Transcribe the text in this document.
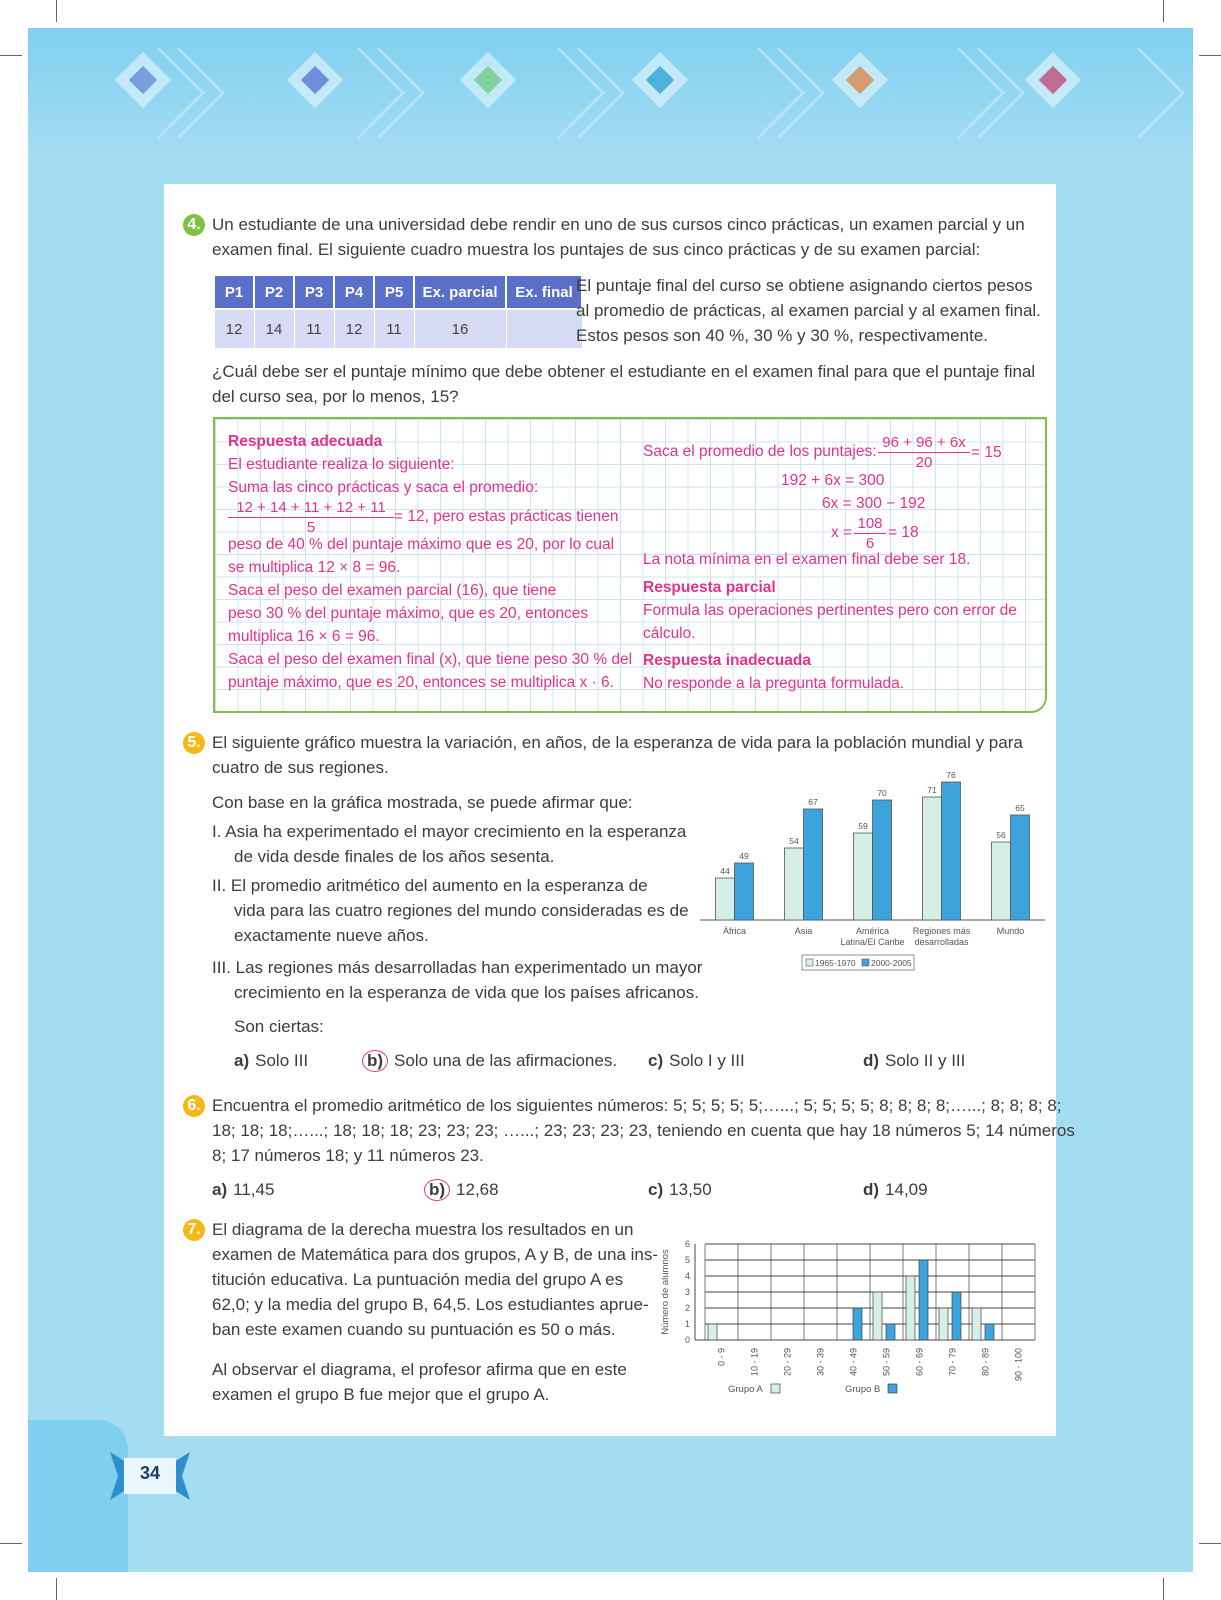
4. Un estudiante de una universidad debe rendir en uno de sus cursos cinco prácticas, un examen parcial y un
examen final. El siguiente cuadro muestra los puntajes de sus cinco prácticas y de su examen parcial:
P1	P2	P3	P4	P5	Ex. parcial	Ex. final
12	14	11	12	11	16	
El puntaje final del curso se obtiene asignando ciertos pesos
al promedio de prácticas, al examen parcial y al examen final.
Estos pesos son 40 %, 30 % y 30 %, respectivamente.
¿Cuál debe ser el puntaje mínimo que debe obtener el estudiante en el examen final para que el puntaje final
del curso sea, por lo menos, 15?
Respuesta adecuada
El estudiante realiza lo siguiente:
Suma las cinco prácticas y saca el promedio:
$\frac{12 + 14 + 11 + 12 + 11}{5} = 12$, pero estas prácticas tienen
peso de 40 % del puntaje máximo que es 20, por lo cual
se multiplica 12 × 8 = 96.
Saca el peso del examen parcial (16), que tiene
peso 30 % del puntaje máximo, que es 20, entonces
multiplica 16 × 6 = 96.
Saca el peso del examen final (x), que tiene peso 30 % del
puntaje máximo, que es 20, entonces se multiplica x · 6.
Saca el promedio de los puntajes: $\frac{96 + 96 + 6x}{20} = 15$
192 + 6x = 300
6x = 300 − 192
$x = \frac{108}{6} = 18$
La nota mínima en el examen final debe ser 18.
Respuesta parcial
Formula las operaciones pertinentes pero con error de
cálculo.
Respuesta inadecuada
No responde a la pregunta formulada.
5. El siguiente gráfico muestra la variación, en años, de la esperanza de vida para la población mundial y para
cuatro de sus regiones.
Con base en la gráfica mostrada, se puede afirmar que:
I. Asia ha experimentado el mayor crecimiento en la esperanza
de vida desde finales de los años sesenta.
II. El promedio aritmético del aumento en la esperanza de
vida para las cuatro regiones del mundo consideradas es de
exactamente nueve años.
III. Las regiones más desarrolladas han experimentado un mayor
crecimiento en la esperanza de vida que los países africanos.
Son ciertas:
a) Solo III	b) Solo una de las afirmaciones. c) Solo I y III	d) Solo II y III
44
49
África
54
67
Asia
59
70
América
Latina/El Caribe
71
76
Regiones más
desarrolladas
56
65
Mundo
1965-1970 2000-2005
6. Encuentra el promedio aritmético de los siguientes números: 5; 5; 5; 5; 5;…...; 5; 5; 5; 5; 8; 8; 8; 8;…...; 8; 8; 8; 8;
18; 18; 18;…...; 18; 18; 18; 23; 23; 23; …...; 23; 23; 23; 23, teniendo en cuenta que hay 18 números 5; 14 números
8; 17 números 18; y 11 números 23.
a) 11,45	b) 12,68	c) 13,50	d) 14,09
7. El diagrama de la derecha muestra los resultados en un
examen de Matemática para dos grupos, A y B, de una ins-
titución educativa. La puntuación media del grupo A es
62,0; y la media del grupo B, 64,5. Los estudiantes aprue-
ban este examen cuando su puntuación es 50 o más.
Al observar el diagrama, el profesor afirma que en este
examen el grupo B fue mejor que el grupo A.
0
1
2
3
4
5
6
Número de alumnos
0 - 9	10 - 19	20 - 29	30 - 39	40 - 49	50 - 59	60 - 69	70 - 79	80 - 89	90 - 100
Grupo A	Grupo B
34
